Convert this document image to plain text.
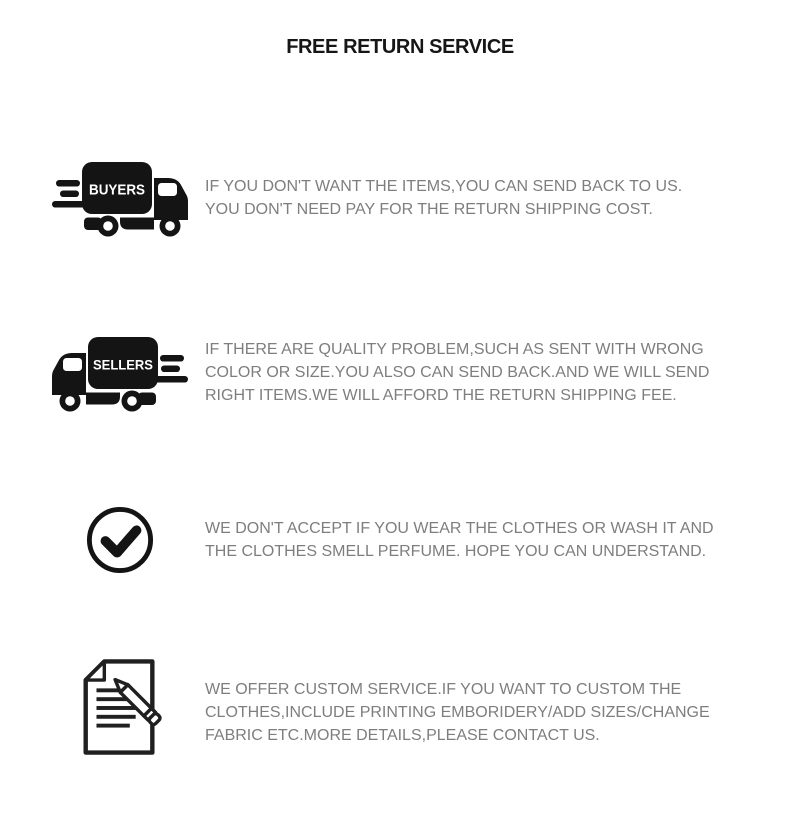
FREE RETURN SERVICE
BUYERS	IF YOU DON'T WANT THE ITEMS,YOU CAN SEND BACK TO US.
YOU DON'T NEED PAY FOR THE RETURN SHIPPING COST.
SELLERS
IF THERE ARE QUALITY PROBLEM,SUCH AS SENT WITH WRONG
COLOR OR SIZE.YOU ALSO CAN SEND BACK.AND WE WILL SEND
RIGHT ITEMS.WE WILL AFFORD THE RETURN SHIPPING FEE.
WE DON'T ACCEPT IF YOU WEAR THE CLOTHES OR WASH IT AND
THE CLOTHES SMELL PERFUME. HOPE YOU CAN UNDERSTAND.
WE OFFER CUSTOM SERVICE.IF YOU WANT TO CUSTOM THE
CLOTHES,INCLUDE PRINTING EMBORIDERY/ADD SIZES/CHANGE
FABRIC ETC.MORE DETAILS,PLEASE CONTACT US.
